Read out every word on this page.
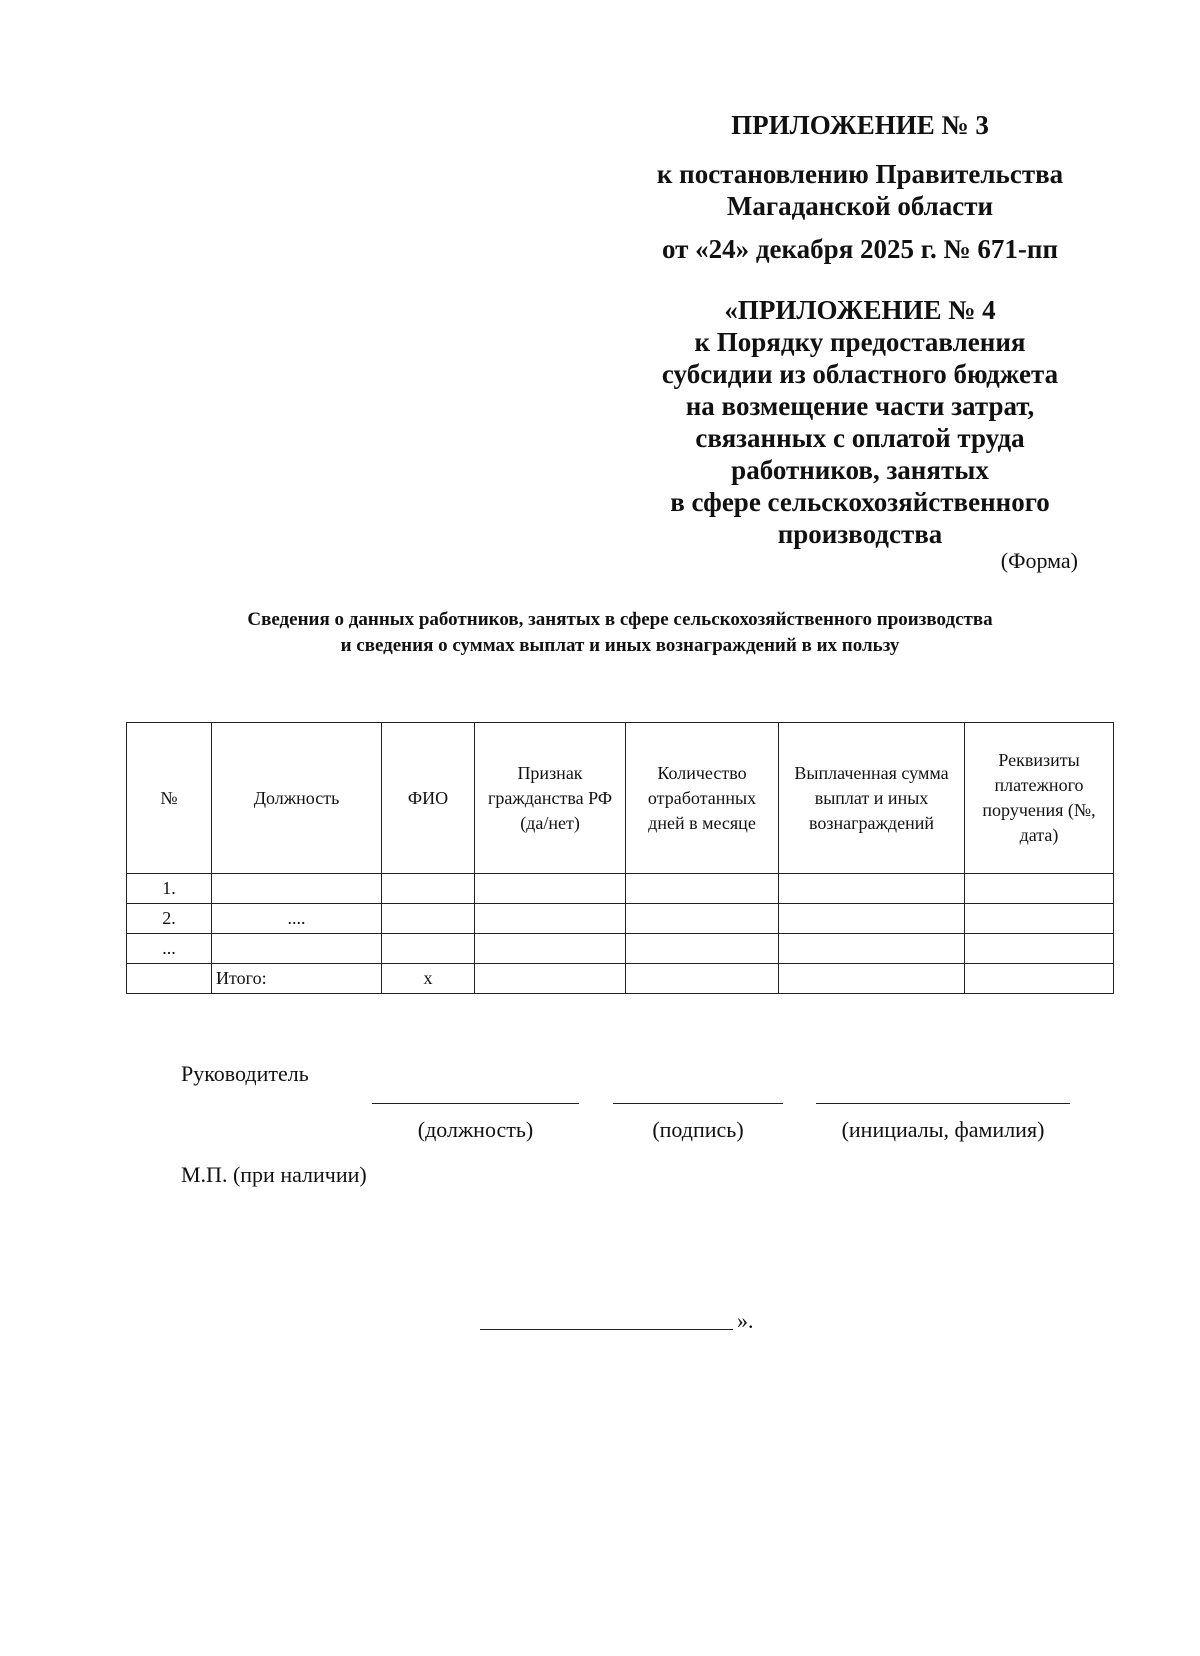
ПРИЛОЖЕНИЕ № 3
к постановлению Правительства
Магаданской области
от «24» декабря 2025 г. № 671-пп
«ПРИЛОЖЕНИЕ № 4
к Порядку предоставления
субсидии из областного бюджета
на возмещение части затрат,
связанных с оплатой труда
работников, занятых
в сфере сельскохозяйственного
производства
(Форма)
Сведения о данных работников, занятых в сфере сельскохозяйственного производства
и сведения о суммах выплат и иных вознаграждений в их пользу
№	Должность	ФИО	Признак гражданства РФ (да/нет)	Количество отработанных дней в месяце	Выплаченная сумма выплат и иных вознаграждений	Реквизиты платежного поручения (№, дата)
1.						
2.	....					
...						
	Итого:	х				
Руководитель
(должность)	(подпись)	(инициалы, фамилия)
М.П. (при наличии)
».
